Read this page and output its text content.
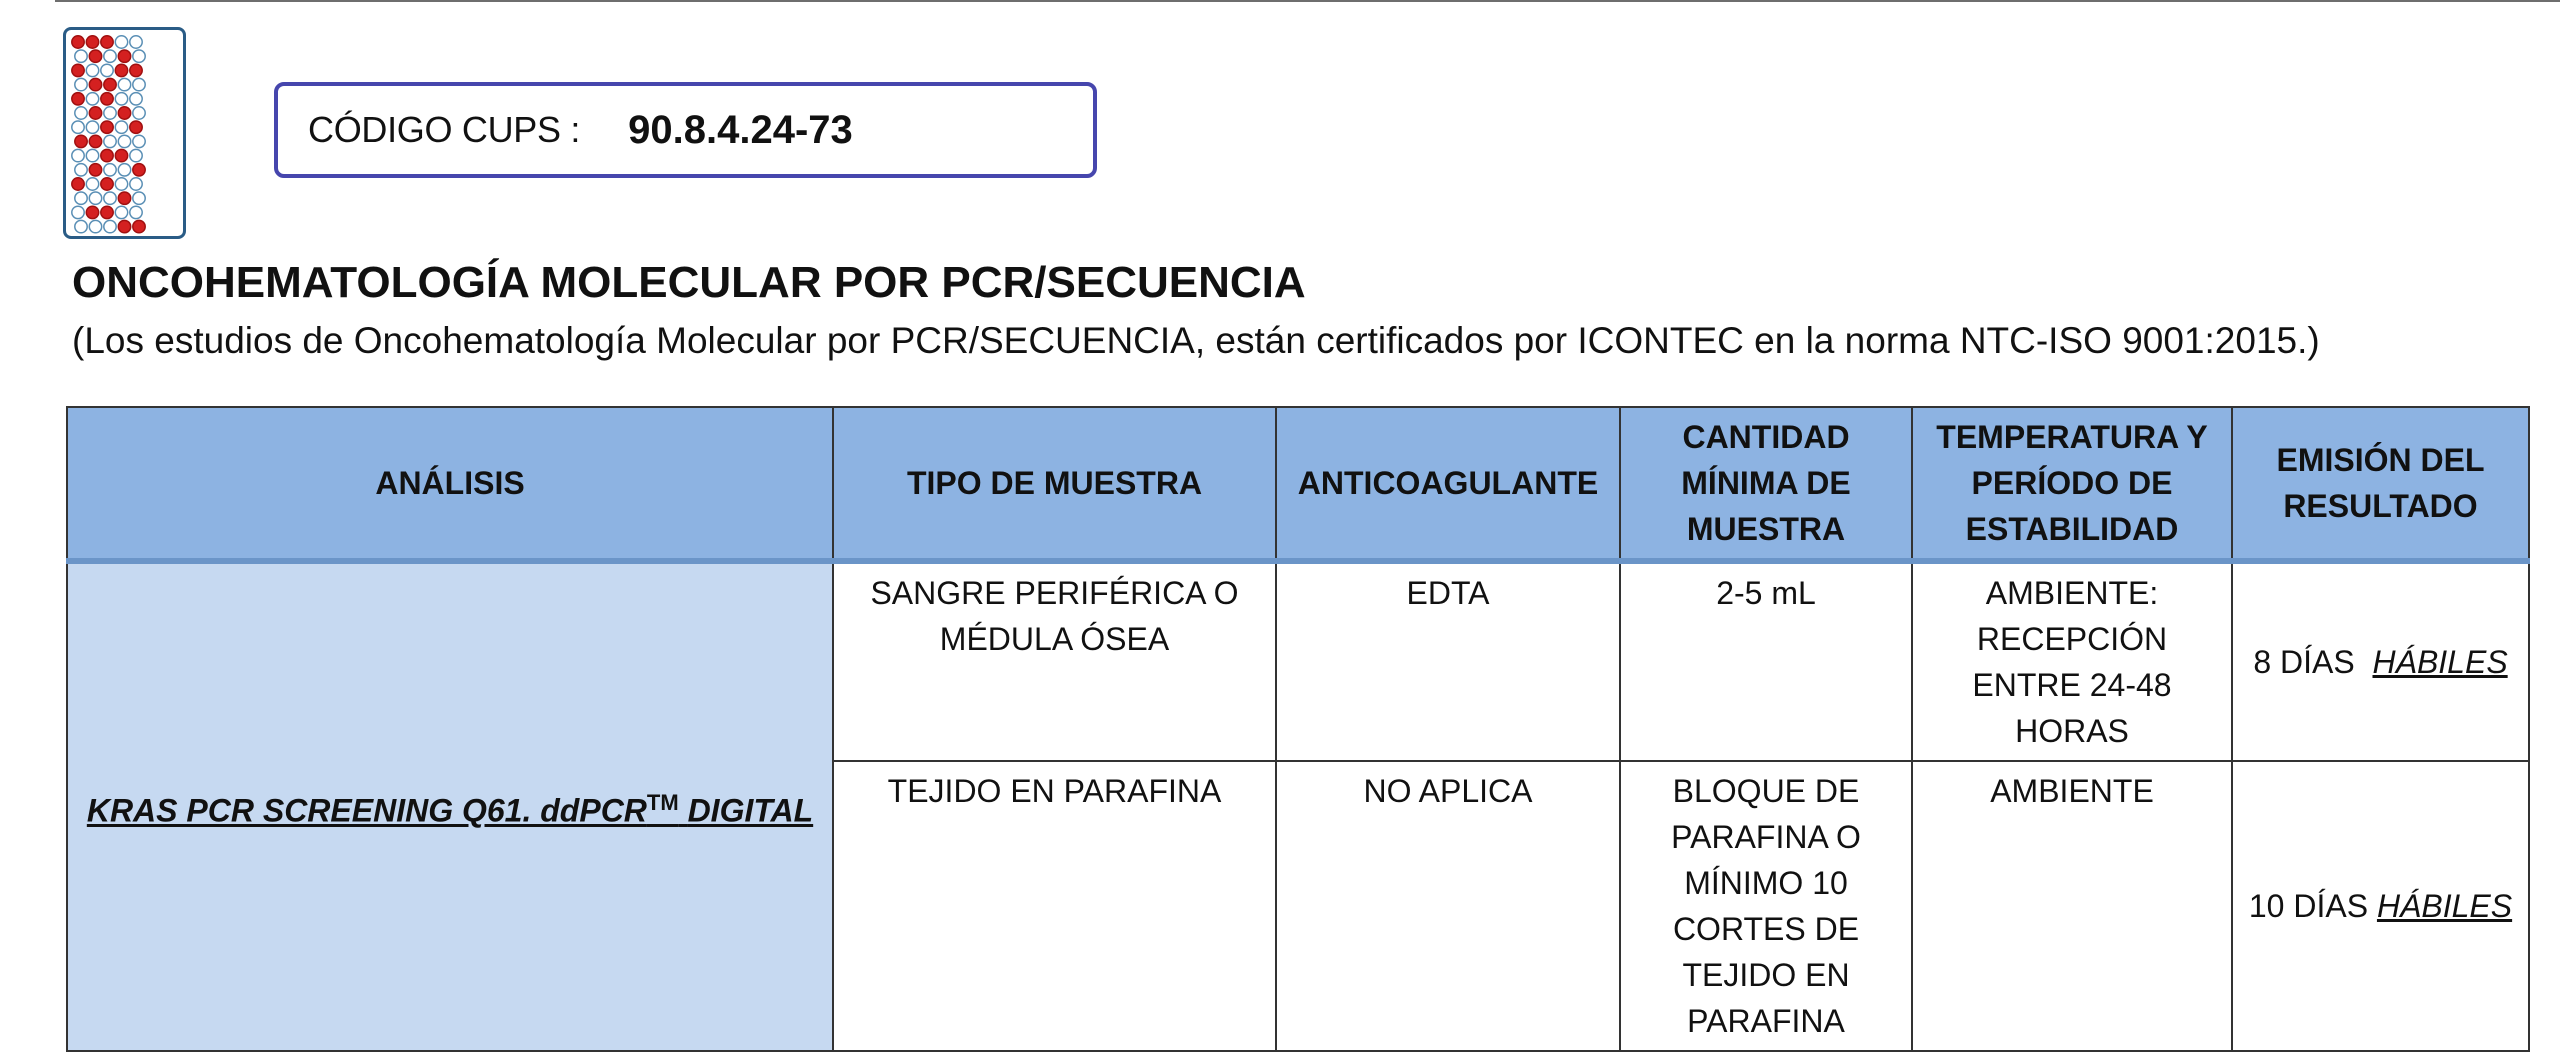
CÓDIGO CUPS : 90.8.4.24-73
ONCOHEMATOLOGÍA MOLECULAR POR PCR/SECUENCIA

(Los estudios de Oncohematología Molecular por PCR/SECUENCIA, están certificados por ICONTEC en la norma NTC-ISO 9001:2015.)

ANÁLISIS	TIPO DE MUESTRA	ANTICOAGULANTE	CANTIDAD MÍNIMA DE MUESTRA	TEMPERATURA Y PERÍODO DE ESTABILIDAD	EMISIÓN DEL RESULTADO
KRAS PCR SCREENING Q61. ddPCR™ DIGITAL	SANGRE PERIFÉRICA O MÉDULA ÓSEA	EDTA	2-5 mL	AMBIENTE: RECEPCIÓN ENTRE 24-48 HORAS	8 DÍAS HÁBILES
	TEJIDO EN PARAFINA	NO APLICA	BLOQUE DE PARAFINA O MÍNIMO 10 CORTES DE TEJIDO EN PARAFINA	AMBIENTE	10 DÍAS HÁBILES
